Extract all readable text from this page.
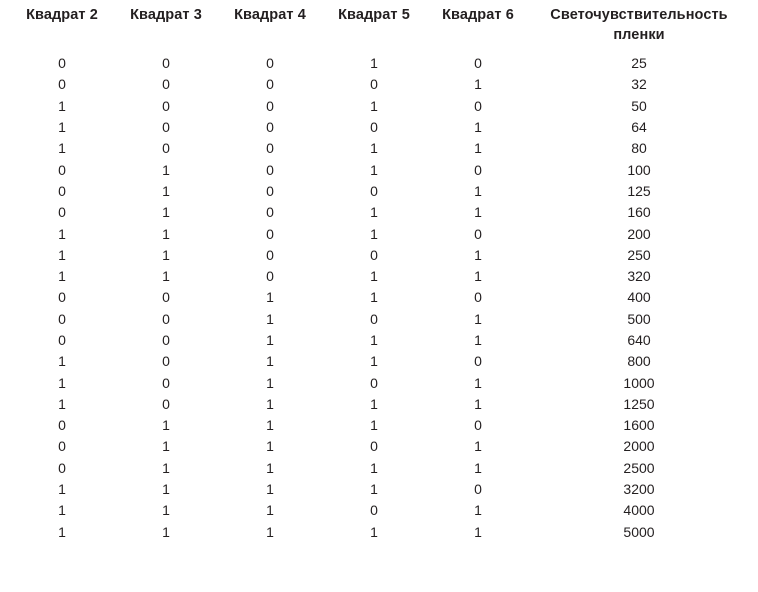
Квадрат 2	Квадрат 3	Квадрат 4	Квадрат 5	Квадрат 6	Светочувствительность пленки
0	0	0	1	0	25
0	0	0	0	1	32
1	0	0	1	0	50
1	0	0	0	1	64
1	0	0	1	1	80
0	1	0	1	0	100
0	1	0	0	1	125
0	1	0	1	1	160
1	1	0	1	0	200
1	1	0	0	1	250
1	1	0	1	1	320
0	0	1	1	0	400
0	0	1	0	1	500
0	0	1	1	1	640
1	0	1	1	0	800
1	0	1	0	1	1000
1	0	1	1	1	1250
0	1	1	1	0	1600
0	1	1	0	1	2000
0	1	1	1	1	2500
1	1	1	1	0	3200
1	1	1	0	1	4000
1	1	1	1	1	5000
